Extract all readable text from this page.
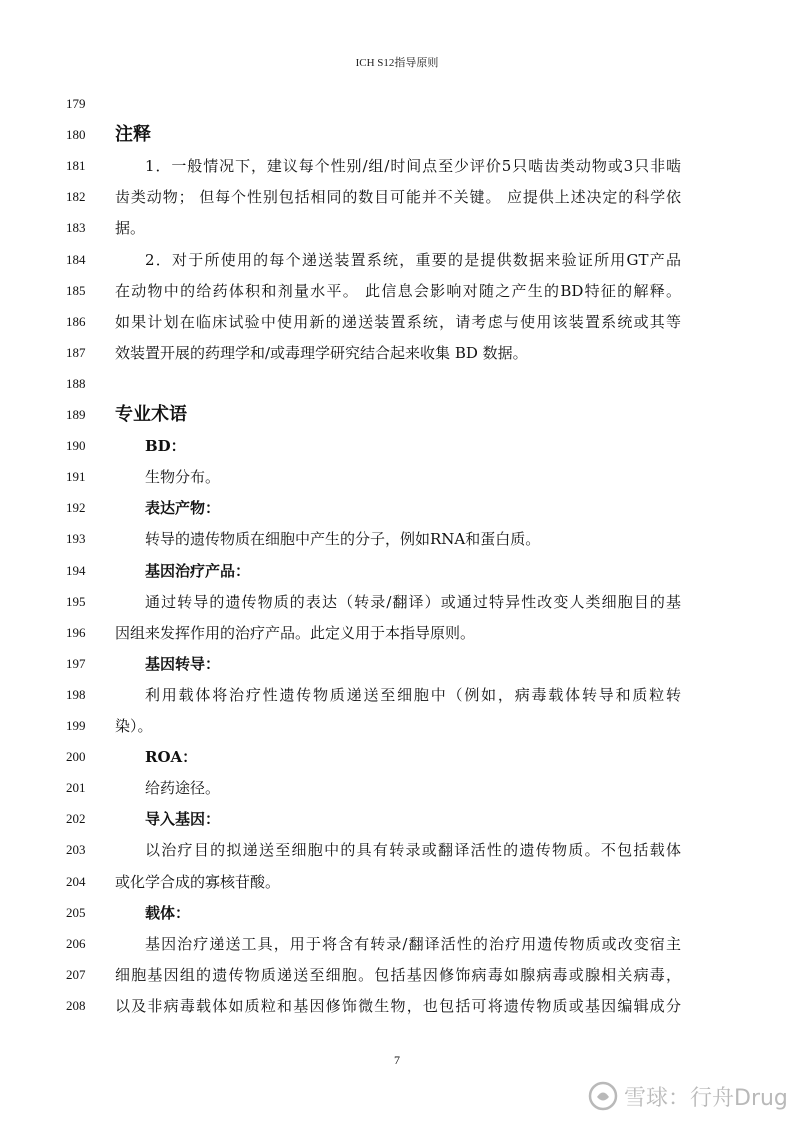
ICH S12指导原则
179
180	注释
181	1．一般情况下，建议每个性别/组/时间点至少评价5只啮齿类动物或3只非啮
182	齿类动物； 但每个性别包括相同的数目可能并不关键。 应提供上述决定的科学依
183	据。
184	2．对于所使用的每个递送装置系统，重要的是提供数据来验证所用GT产品
185	在动物中的给药体积和剂量水平。 此信息会影响对随之产生的BD特征的解释。
186	如果计划在临床试验中使用新的递送装置系统，请考虑与使用该装置系统或其等
187	效装置开展的药理学和/或毒理学研究结合起来收集 BD 数据。
188
189	专业术语
190	BD：
191	生物分布。
192	表达产物：
193	转导的遗传物质在细胞中产生的分子，例如RNA和蛋白质。
194	基因治疗产品：
195	通过转导的遗传物质的表达（转录/翻译）或通过特异性改变人类细胞目的基
196	因组来发挥作用的治疗产品。此定义用于本指导原则。
197	基因转导：
198	利用载体将治疗性遗传物质递送至细胞中（例如，病毒载体转导和质粒转
199	染）。
200	ROA：
201	给药途径。
202	导入基因：
203	以治疗目的拟递送至细胞中的具有转录或翻译活性的遗传物质。不包括载体
204	或化学合成的寡核苷酸。
205	载体：
206	基因治疗递送工具，用于将含有转录/翻译活性的治疗用遗传物质或改变宿主
207	细胞基因组的遗传物质递送至细胞。包括基因修饰病毒如腺病毒或腺相关病毒，
208	以及非病毒载体如质粒和基因修饰微生物，也包括可将遗传物质或基因编辑成分
7
雪球：行舟Drug
